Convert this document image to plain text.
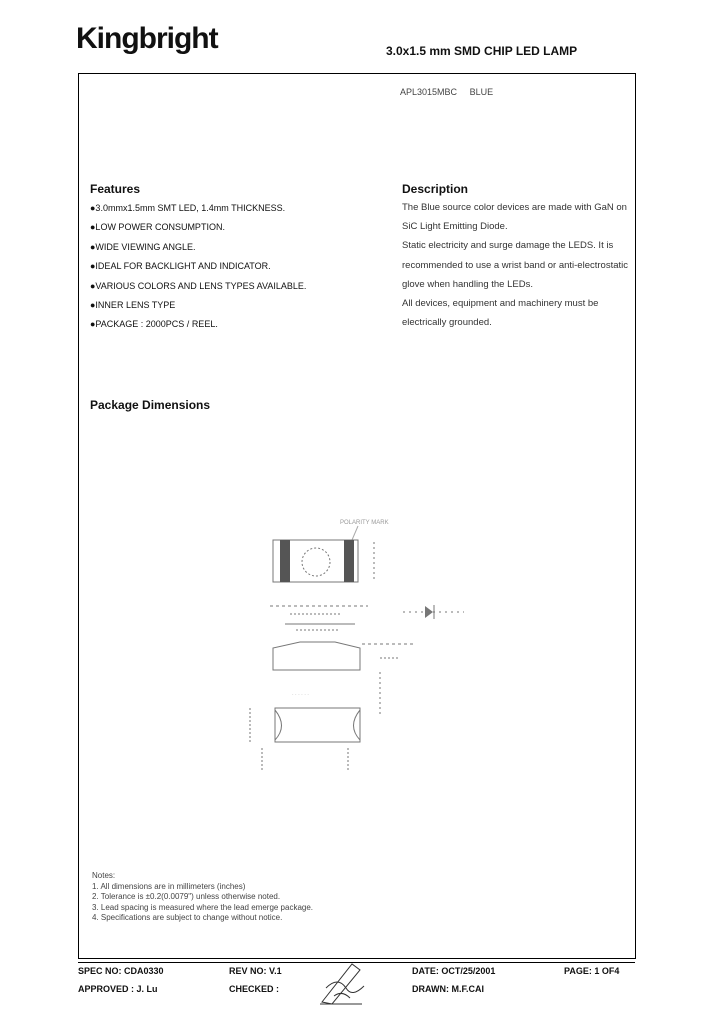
Kingbright	3.0x1.5 mm SMD CHIP LED LAMP
APL3015MBC BLUE
Features
●3.0mmx1.5mm SMT LED, 1.4mm THICKNESS.
●LOW POWER CONSUMPTION.
●WIDE VIEWING ANGLE.
●IDEAL FOR BACKLIGHT AND INDICATOR.
●VARIOUS COLORS AND LENS TYPES AVAILABLE.
●INNER LENS TYPE
●PACKAGE : 2000PCS / REEL.
Description
The Blue source color devices are made with GaN on
SiC Light Emitting Diode.
Static electricity and surge damage the LEDS. It is
recommended to use a wrist band or anti-electrostatic
glove when handling the LEDs.
All devices, equipment and machinery must be
electrically grounded.
Package Dimensions
POLARITY MARK
· · · · · ·
Notes:
1. All dimensions are in millimeters (inches)
2. Tolerance is ±0.2(0.0079") unless otherwise noted.
3. Lead spacing is measured where the lead emerge package.
4. Specifications are subject to change without notice.
SPEC NO: CDA0330	REV NO: V.1	DATE: OCT/25/2001	PAGE: 1 OF4
APPROVED : J. Lu	CHECKED :	DRAWN: M.F.CAI
